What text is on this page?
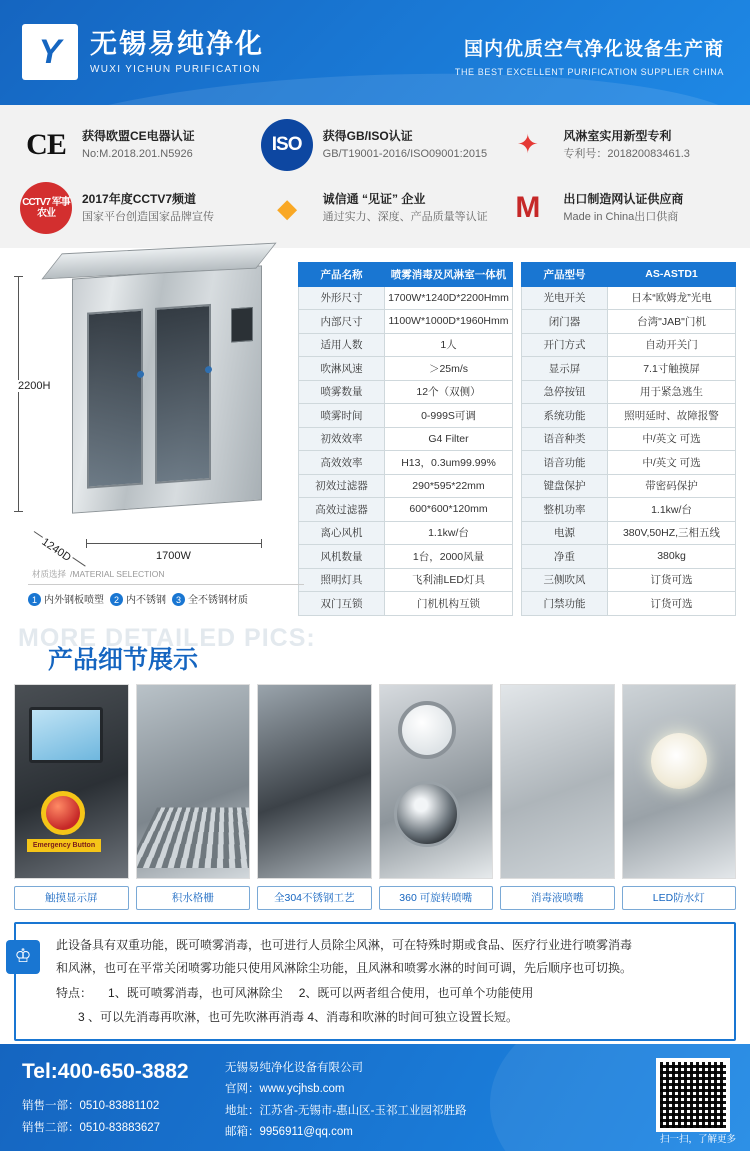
Y	无锡易纯净化
WUXI YICHUN PURIFICATION
国内优质空气净化设备生产商
THE BEST EXCELLENT PURIFICATION SUPPLIER CHINA
CE	获得欧盟CE电器认证
No:M.2018.201.N5926	ISO	获得GB/ISO认证
GB/T19001-2016/ISO09001:2015	✦	风淋室实用新型专利
专利号：201820083461.3
CCTV7 军事 农业
2017年度CCTV7频道
国家平台创造国家品牌宣传	◆	诚信通 “见证” 企业
通过实力、深度、产品质量等认证 M	出口制造网认证供应商
Made in China出口供商
2200H
1700W
1240D
材质选择 /MATERIAL SELECTION
1 内外钢板喷塑	2 内不锈钢	3 全不锈钢材质
产品名称	喷雾消毒及风淋室一体机
外形尺寸	1700W*1240D*2200Hmm
内部尺寸	1100W*1000D*1960Hmm
适用人数	1人
吹淋风速	＞25m/s
喷雾数量	12个（双侧）
喷雾时间	0-999S可调
初效效率	G4 Filter
高效效率	H13，0.3um99.99%
初效过滤器	290*595*22mm
高效过滤器	600*600*120mm
离心风机	1.1kw/台
风机数量	1台，2000风量
照明灯具	飞利浦LED灯具
双门互锁	门机机构互锁
产品型号	AS-ASTD1
光电开关	日本“欧姆龙”光电
闭门器	台湾"JAB"门机
开门方式	自动开关门
显示屏	7.1寸触摸屏
急停按钮	用于紧急逃生
系统功能	照明延时、故障报警
语音种类	中/英文 可选
语音功能	中/英文 可选
键盘保护	带密码保护
整机功率	1.1kw/台
电源	380V,50HZ,三相五线
净重	380kg
三侧吹风	订货可选
门禁功能	订货可选
MORE DETAILED PICS:
产品细节展示
Emergency Button
触摸显示屏	积水格栅	全304不锈钢工艺	360 可旋转喷嘴	消毒液喷嘴	LED防水灯
♔
此设备具有双重功能，既可喷雾消毒，也可进行人员除尘风淋，可在特殊时期或食品、医疗行业进行喷雾消毒
和风淋，也可在平常关闭喷雾功能只使用风淋除尘功能，且风淋和喷雾水淋的时间可调，先后顺序也可切换。
特点： 1、既可喷雾消毒，也可风淋除尘 2、既可以两者组合使用，也可单个功能使用
3 、可以先消毒再吹淋，也可先吹淋再消毒 4、消毒和吹淋的时间可独立设置长短。
Tel:400-650-3882
销售一部：0510-83881102
销售二部：0510-83883627
无锡易纯净化设备有限公司
官网：www.ycjhsb.com
地址：江苏省-无锡市-惠山区-玉祁工业园祁胜路
邮箱：9956911@qq.com
扫一扫，了解更多
